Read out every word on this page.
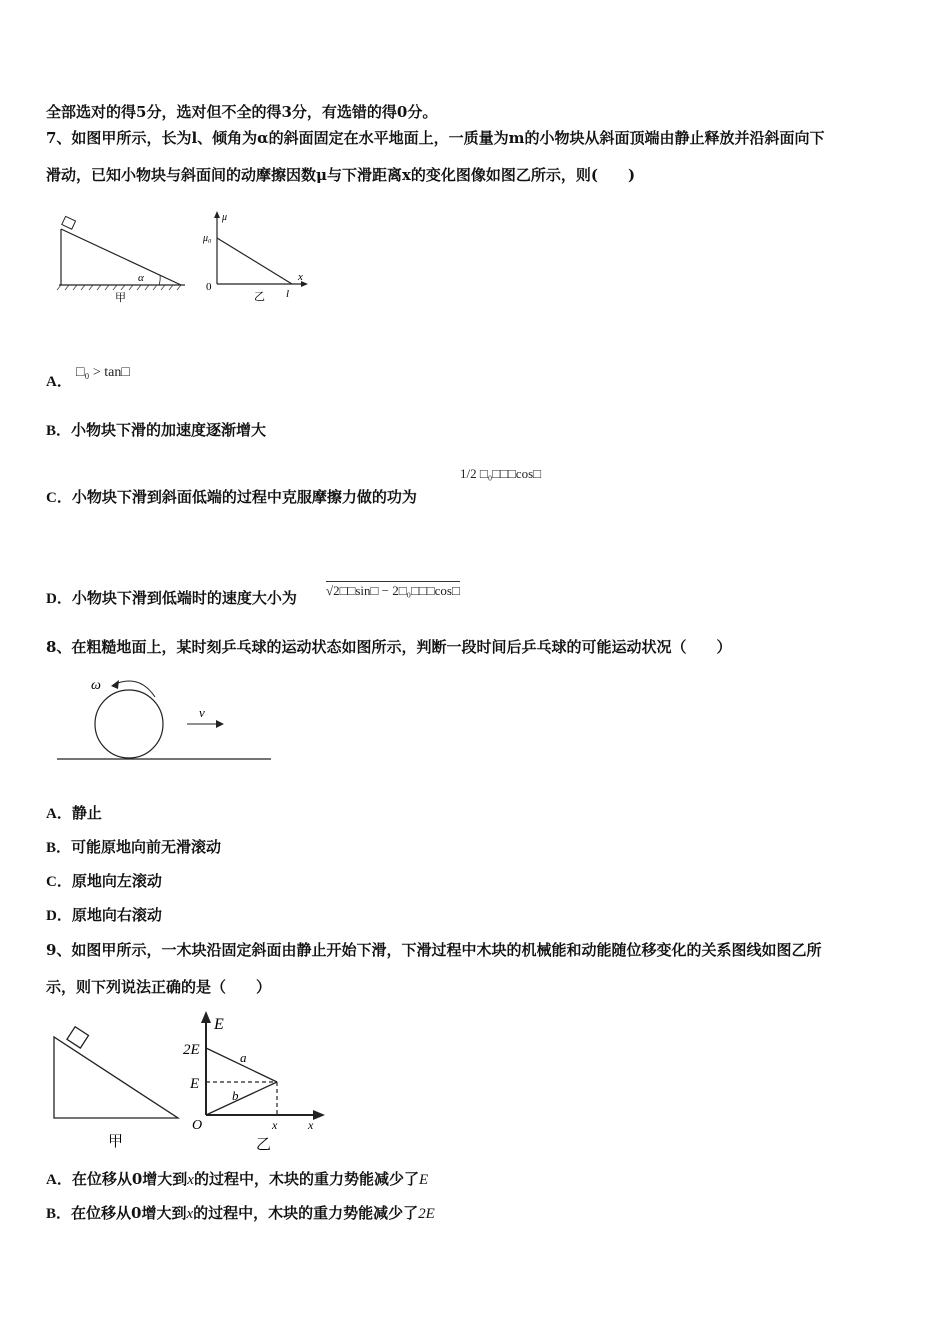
全部选对的得5分，选对但不全的得3分，有选错的得0分。
7、如图甲所示，长为l、倾角为α的斜面固定在水平地面上，一质量为m的小物块从斜面顶端由静止释放并沿斜面向下
滑动，已知小物块与斜面间的动摩擦因数μ与下滑距离x的变化图像如图乙所示，则(　　)
α
甲
μ
μ₀
0
x
l
乙
A．
□₀ > tan□
B．小物块下滑的加速度逐渐增大
C．小物块下滑到斜面低端的过程中克服摩擦力做的功为
1/2 □₀□□□cos□
D．小物块下滑到低端时的速度大小为 √2□□sin□ − 2□₀□□□cos□
8、在粗糙地面上，某时刻乒乓球的运动状态如图所示，判断一段时间后乒乓球的可能运动状况（　　）
ω
v
A．静止
B．可能原地向前无滑滚动
C．原地向左滚动
D．原地向右滚动
9、如图甲所示，一木块沿固定斜面由静止开始下滑，下滑过程中木块的机械能和动能随位移变化的关系图线如图乙所
示，则下列说法正确的是（　　）
甲
E
2E
E
a
b
O	x	x
乙
A．在位移从0增大到x的过程中，木块的重力势能减少了E
B．在位移从0增大到x的过程中，木块的重力势能减少了2E
